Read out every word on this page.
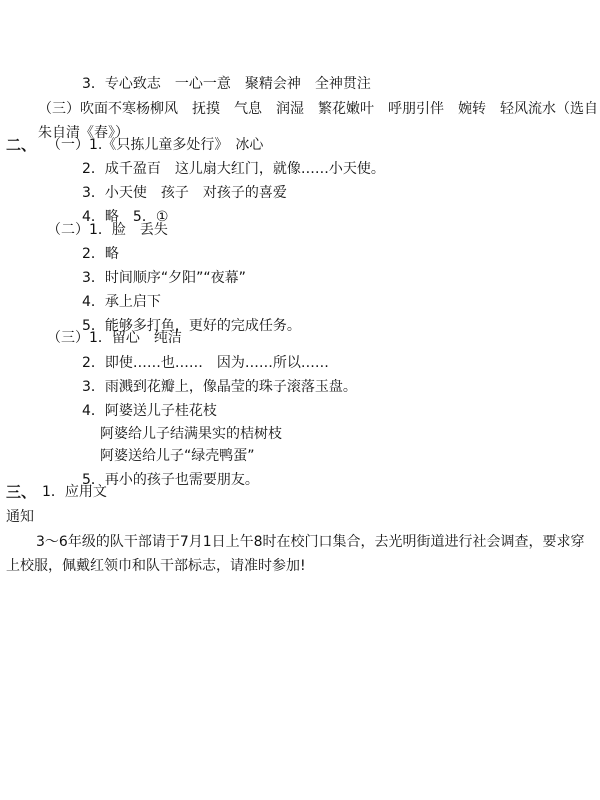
3．专心致志　一心一意　聚精会神　全神贯注
（三）吹面不寒杨柳风　抚摸　气息　润湿　繁花嫩叶　呼朋引伴　婉转　轻风流水（选自
朱自清《春》）
二、 （一）1.《只拣儿童多处行》　冰心
2．成千盈百　这儿扇大红门，就像……小天使。
3．小天使　孩子　对孩子的喜爱
4．略　5．①
（二）1．脸　丢失
2．略
3．时间顺序“夕阳”“夜幕”
4．承上启下
5．能够多打鱼，更好的完成任务。
（三）1．留心　纯洁
2．即使……也……　因为……所以……
3．雨溅到花瓣上，像晶莹的珠子滚落玉盘。
4．阿婆送儿子桂花枝
阿婆给儿子结满果实的桔树枝
阿婆送给儿子“绿壳鸭蛋”
5．再小的孩子也需要朋友。
三、 1．应用文
通知
3～6年级的队干部请于7月1日上午8时在校门口集合，去光明街道进行社会调查，要求穿上校服，佩戴红领巾和队干部标志，请准时参加!
